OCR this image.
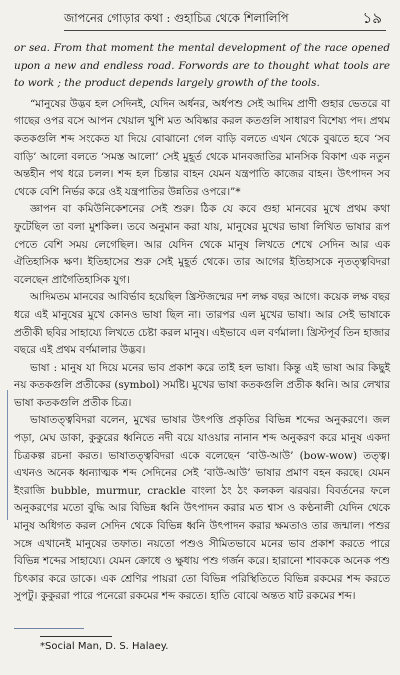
জাপনের গোড়ার কথা : গুহাচিত্র থেকে শিলালিপি	১৯

or sea. From that moment the mental development of the race opened upon a new and endless road. Forwords are to thought what tools are to work ; the product depends largely growth of the tools.

“মানুষের উদ্ভব হল সেদিনই, যেদিন অর্ধনর, অর্ধপশু সেই আদিম প্রাণী গুহার ভেতরে বা গাছের ওপর বসে আপন খেয়াল খুশি মত অবিষ্কার করল কতগুলি সাধারণ বিশেষ্য পদ। প্রথম কতকগুলি শব্দ সংকেত যা দিয়ে বোঝানো গেল বাড়ি বলতে এখন থেকে বুঝতে হবে ‘সব বাড়ি’ আলো বলতে ‘সমস্ত আলো’ সেই মুহূর্ত থেকে মানবজাতির মানসিক বিকাশ এক নতুন অন্তহীন পথ ধরে চলল। শব্দ হল চিন্তার বাহন যেমন যন্ত্রপাতি কাজের বাহন। উৎপাদন সব থেকে বেশি নির্ভর করে ওই যন্ত্রপাতির উন্নতির ওপরে।”*

জ্ঞাপন বা কমিউনিকেশনের সেই শুরু। ঠিক যে কবে গুহা মানবের মুখে প্রথম কথা ফুটেছিল তা বলা মুশকিল। তবে অনুমান করা যায়, মানুষের মুখের ভাষা লিখিত ভাষার রূপ পেতে বেশি সময় লেগেছিল। আর যেদিন থেকে মানুষ লিখতে শেখে সেদিন আর এক ঐতিহাসিক ক্ষণ। ইতিহাসের শুরু সেই মুহূর্ত থেকে। তার আগের ইতিহাসকে নৃতত্ত্ববিদরা বলেছেন প্রাগৈতিহাসিক যুগ।

আদিমতম মানবের আবির্ভাব হয়েছিল খ্রিস্টজন্মের দশ লক্ষ বছর আগে। কয়েক লক্ষ বছর ধরে এই মানুষের মুখে কোনও ভাষা ছিল না। তারপর এল মুখের ভাষা। আর সেই ভাষাকে প্রতীকী ছবির সাহায্যে লিখতে চেষ্টা করল মানুষ। এইভাবে এল বর্ণমালা। খ্রিস্টপূর্ব তিন হাজার বছরে এই প্রথম বর্ণমালার উদ্ভব।

ভাষা : মানুষ যা দিয়ে মনের ভাব প্রকাশ করে তাই হল ভাষা। কিন্তু এই ভাষা আর কিছুই নয় কতকগুলি প্রতীকের (symbol) সমষ্টি। মুখের ভাষা কতকগুলি প্রতীক ধ্বনি। আর লেখার ভাষা কতকগুলি প্রতীক চিত্র।

ভাষাতত্ত্ববিদরা বলেন, মুখের ভাষার উৎপত্তি প্রকৃতির বিভিন্ন শব্দের অনুকরণে। জল পড়া, মেঘ ডাকা, কুকুরের ধ্বনিতে নদী বয়ে যাওয়ার নানান শব্দ অনুকরণ করে মানুষ একদা চিত্রকল্প রচনা করত। ভাষাতত্ত্ববিদরা একে বলেছেন ‘বাউ-আউ’ (bow-wow) তত্ত্ব। এখনও অনেক ধ্বন্যাত্মক শব্দ সেদিনের সেই ‘বাউ-আউ’ ভাষার প্রমাণ বহন করছে। যেমন ইংরাজি bubble, murmur, crackle বাংলা ঠং ঠং কলকল ঝরঝর। বিবর্তনের ফলে অনুকরণের মতো বুদ্ধি আর বিভিন্ন ধ্বনি উৎপাদন করার মত শ্বাস ও কণ্ঠনালী যেদিন থেকে মানুষ অধিগত করল সেদিন থেকে বিভিন্ন ধ্বনি উৎপাদন করার ক্ষমতাও তার জন্মাল। পশুর সঙ্গে এখানেই মানুষের তফাত। নয়তো পশুও সীমিতভাবে মনের ভাব প্রকাশ করতে পারে বিভিন্ন শব্দের সাহায্যে। যেমন ক্রোধে ও ক্ষুধায় পশু গর্জন করে। হারানো শাবককে অনেক পশু চিৎকার করে ডাকে। এক শ্রেণির পায়রা তো বিভিন্ন পরিস্থিতিতে বিভিন্ন রকমের শব্দ করতে সুপটু। কুকুররা পারে পনেরো রকমের শব্দ করতে। হাতি বোঝে অন্তত ষাট রকমের শব্দ।

*Social Man, D. S. Halaey.
